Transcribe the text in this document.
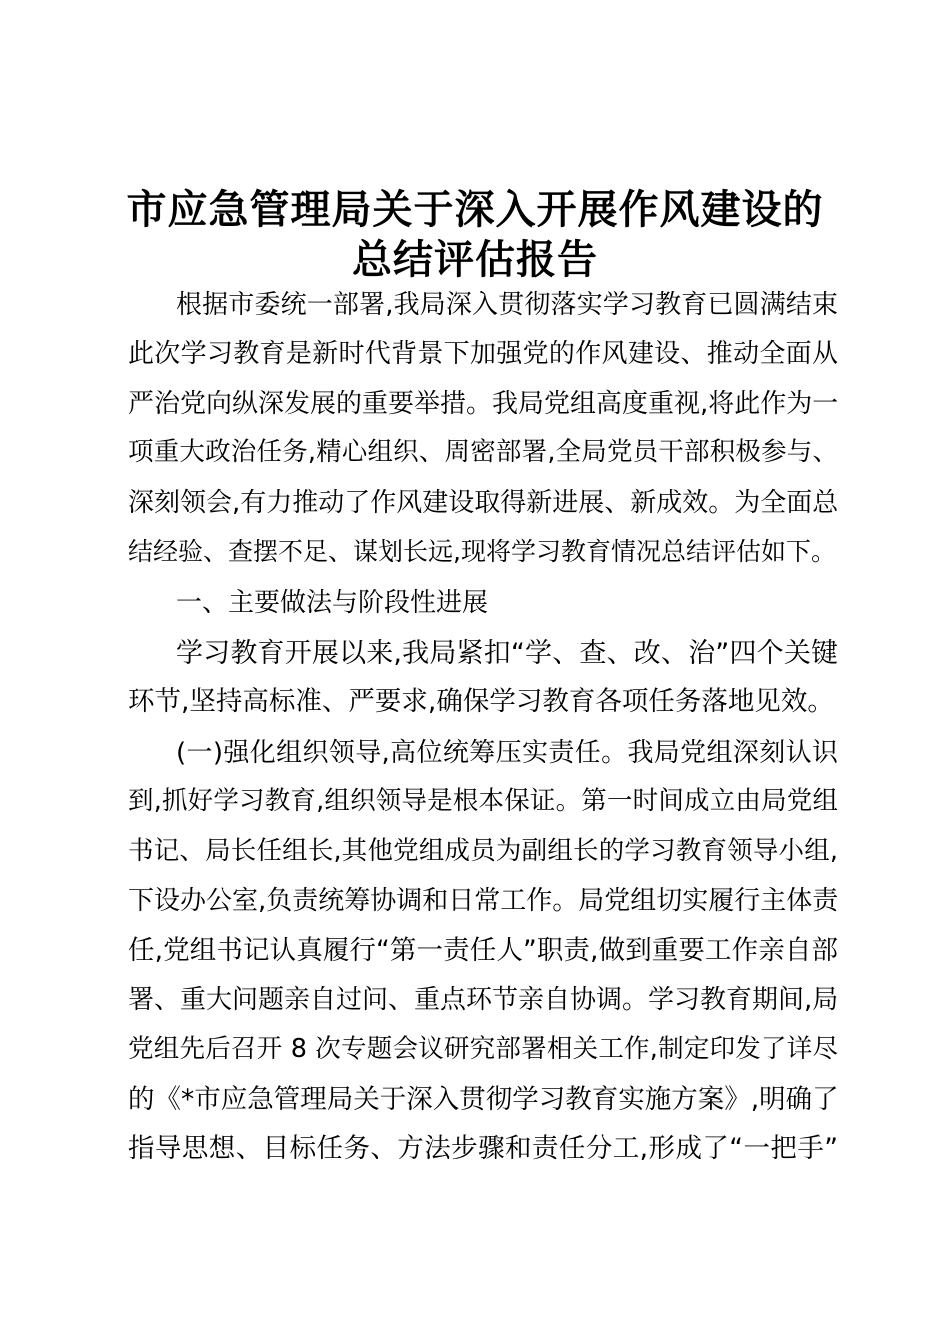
市应急管理局关于深入开展作风建设的
总结评估报告
根据市委统一部署,我局深入贯彻落实学习教育已圆满结束
此次学习教育是新时代背景下加强党的作风建设、推动全面从
严治党向纵深发展的重要举措。我局党组高度重视,将此作为一
项重大政治任务,精心组织、周密部署,全局党员干部积极参与、
深刻领会,有力推动了作风建设取得新进展、新成效。为全面总
结经验、查摆不足、谋划长远,现将学习教育情况总结评估如下。
一、主要做法与阶段性进展
学习教育开展以来,我局紧扣“学、查、改、治”四个关键
环节,坚持高标准、严要求,确保学习教育各项任务落地见效。
(一)强化组织领导,高位统筹压实责任。我局党组深刻认识
到,抓好学习教育,组织领导是根本保证。第一时间成立由局党组
书记、局长任组长,其他党组成员为副组长的学习教育领导小组,
下设办公室,负责统筹协调和日常工作。局党组切实履行主体责
任,党组书记认真履行“第一责任人”职责,做到重要工作亲自部
署、重大问题亲自过问、重点环节亲自协调。学习教育期间,局
党组先后召开 8 次专题会议研究部署相关工作,制定印发了详尽
的《*市应急管理局关于深入贯彻学习教育实施方案》,明确了
指导思想、目标任务、方法步骤和责任分工,形成了“一把手”
